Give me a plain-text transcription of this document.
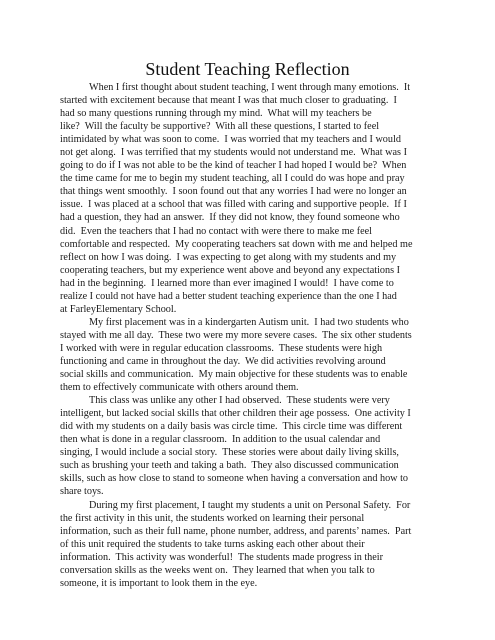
Student Teaching Reflection
When I first thought about student teaching, I went through many emotions.  It
started with excitement because that meant I was that much closer to graduating.  I
had so many questions running through my mind.  What will my teachers be
like?  Will the faculty be supportive?  With all these questions, I started to feel
intimidated by what was soon to come.  I was worried that my teachers and I would
not get along.  I was terrified that my students would not understand me.  What was I
going to do if I was not able to be the kind of teacher I had hoped I would be?  When
the time came for me to begin my student teaching, all I could do was hope and pray
that things went smoothly.  I soon found out that any worries I had were no longer an
issue.  I was placed at a school that was filled with caring and supportive people.  If I
had a question, they had an answer.  If they did not know, they found someone who
did.  Even the teachers that I had no contact with were there to make me feel
comfortable and respected.  My cooperating teachers sat down with me and helped me
reflect on how I was doing.  I was expecting to get along with my students and my
cooperating teachers, but my experience went above and beyond any expectations I
had in the beginning.  I learned more than ever imagined I would!  I have come to
realize I could not have had a better student teaching experience than the one I had
at FarleyElementary School.
My first placement was in a kindergarten Autism unit.  I had two students who
stayed with me all day.  These two were my more severe cases.  The six other students
I worked with were in regular education classrooms.  These students were high
functioning and came in throughout the day.  We did activities revolving around
social skills and communication.  My main objective for these students was to enable
them to effectively communicate with others around them.
This class was unlike any other I had observed.  These students were very
intelligent, but lacked social skills that other children their age possess.  One activity I
did with my students on a daily basis was circle time.  This circle time was different
then what is done in a regular classroom.  In addition to the usual calendar and
singing, I would include a social story.  These stories were about daily living skills,
such as brushing your teeth and taking a bath.  They also discussed communication
skills, such as how close to stand to someone when having a conversation and how to
share toys.
During my first placement, I taught my students a unit on Personal Safety.  For
the first activity in this unit, the students worked on learning their personal
information, such as their full name, phone number, address, and parents’ names.  Part
of this unit required the students to take turns asking each other about their
information.  This activity was wonderful!  The students made progress in their
conversation skills as the weeks went on.  They learned that when you talk to
someone, it is important to look them in the eye.
